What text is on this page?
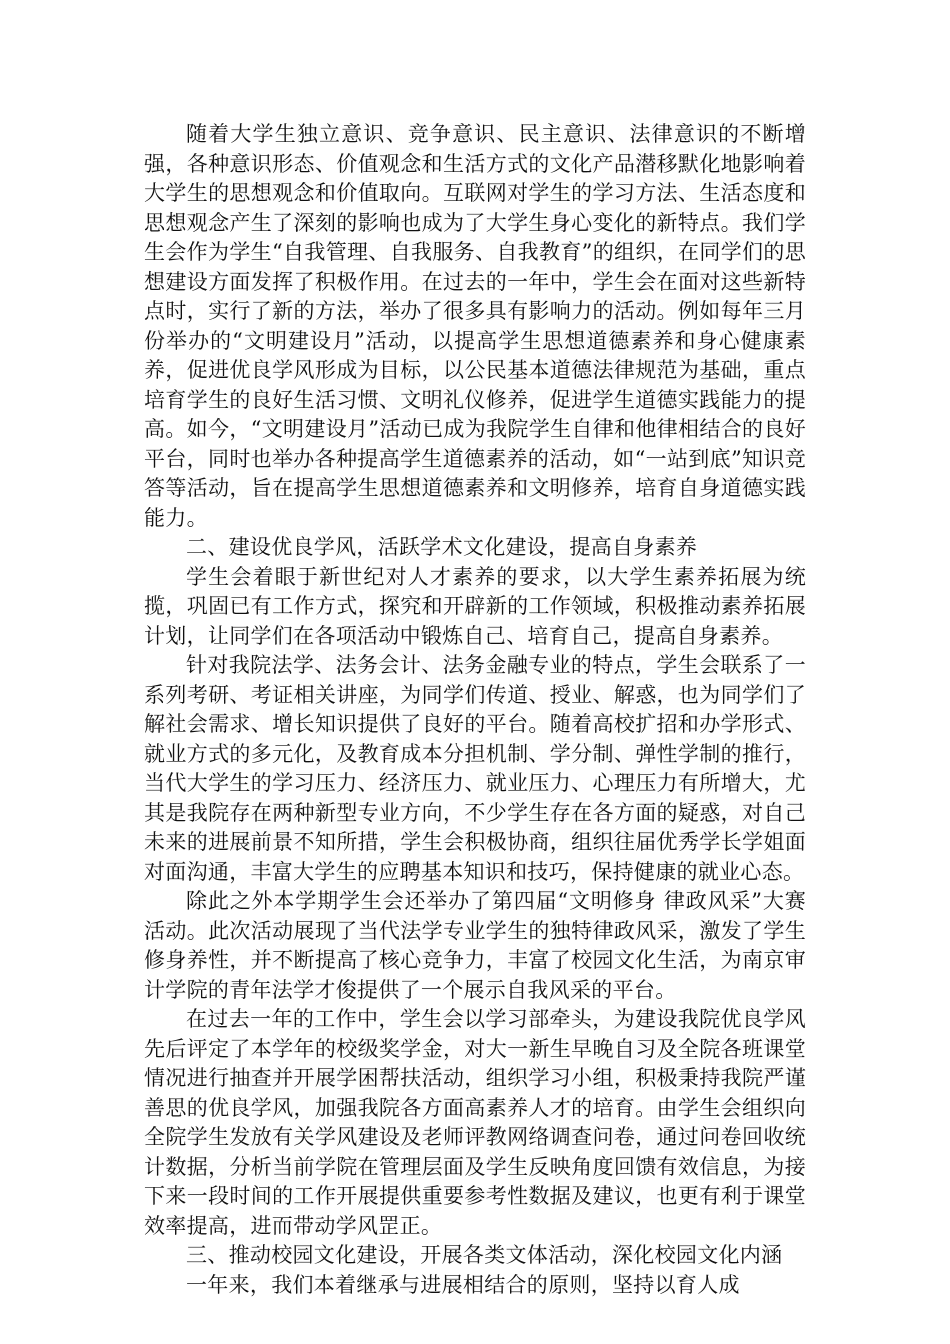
随着大学生独立意识、竞争意识、民主意识、法律意识的不断增强，各种意识形态、价值观念和生活方式的文化产品潜移默化地影响着大学生的思想观念和价值取向。互联网对学生的学习方法、生活态度和思想观念产生了深刻的影响也成为了大学生身心变化的新特点。我们学生会作为学生“自我管理、自我服务、自我教育”的组织，在同学们的思想建设方面发挥了积极作用。在过去的一年中，学生会在面对这些新特点时，实行了新的方法，举办了很多具有影响力的活动。例如每年三月份举办的“文明建设月”活动，以提高学生思想道德素养和身心健康素养，促进优良学风形成为目标，以公民基本道德法律规范为基础，重点培育学生的良好生活习惯、文明礼仪修养，促进学生道德实践能力的提高。如今，“文明建设月”活动已成为我院学生自律和他律相结合的良好平台，同时也举办各种提高学生道德素养的活动，如“一站到底”知识竞答等活动，旨在提高学生思想道德素养和文明修养，培育自身道德实践能力。

二、建设优良学风，活跃学术文化建设，提高自身素养

学生会着眼于新世纪对人才素养的要求，以大学生素养拓展为统揽，巩固已有工作方式，探究和开辟新的工作领域，积极推动素养拓展计划，让同学们在各项活动中锻炼自己、培育自己，提高自身素养。

针对我院法学、法务会计、法务金融专业的特点，学生会联系了一系列考研、考证相关讲座，为同学们传道、授业、解惑，也为同学们了解社会需求、增长知识提供了良好的平台。随着高校扩招和办学形式、就业方式的多元化，及教育成本分担机制、学分制、弹性学制的推行，当代大学生的学习压力、经济压力、就业压力、心理压力有所增大，尤其是我院存在两种新型专业方向，不少学生存在各方面的疑惑，对自己未来的进展前景不知所措，学生会积极协商，组织往届优秀学长学姐面对面沟通，丰富大学生的应聘基本知识和技巧，保持健康的就业心态。

除此之外本学期学生会还举办了第四届“文明修身 律政风采”大赛活动。此次活动展现了当代法学专业学生的独特律政风采，激发了学生修身养性，并不断提高了核心竞争力，丰富了校园文化生活，为南京审计学院的青年法学才俊提供了一个展示自我风采的平台。

在过去一年的工作中，学生会以学习部牵头，为建设我院优良学风先后评定了本学年的校级奖学金，对大一新生早晚自习及全院各班课堂情况进行抽查并开展学困帮扶活动，组织学习小组，积极秉持我院严谨善思的优良学风，加强我院各方面高素养人才的培育。由学生会组织向全院学生发放有关学风建设及老师评教网络调查问卷，通过问卷回收统计数据，分析当前学院在管理层面及学生反映角度回馈有效信息，为接下来一段时间的工作开展提供重要参考性数据及建议，也更有利于课堂效率提高，进而带动学风罡正。

三、推动校园文化建设，开展各类文体活动，深化校园文化内涵

一年来，我们本着继承与进展相结合的原则，坚持以育人成
